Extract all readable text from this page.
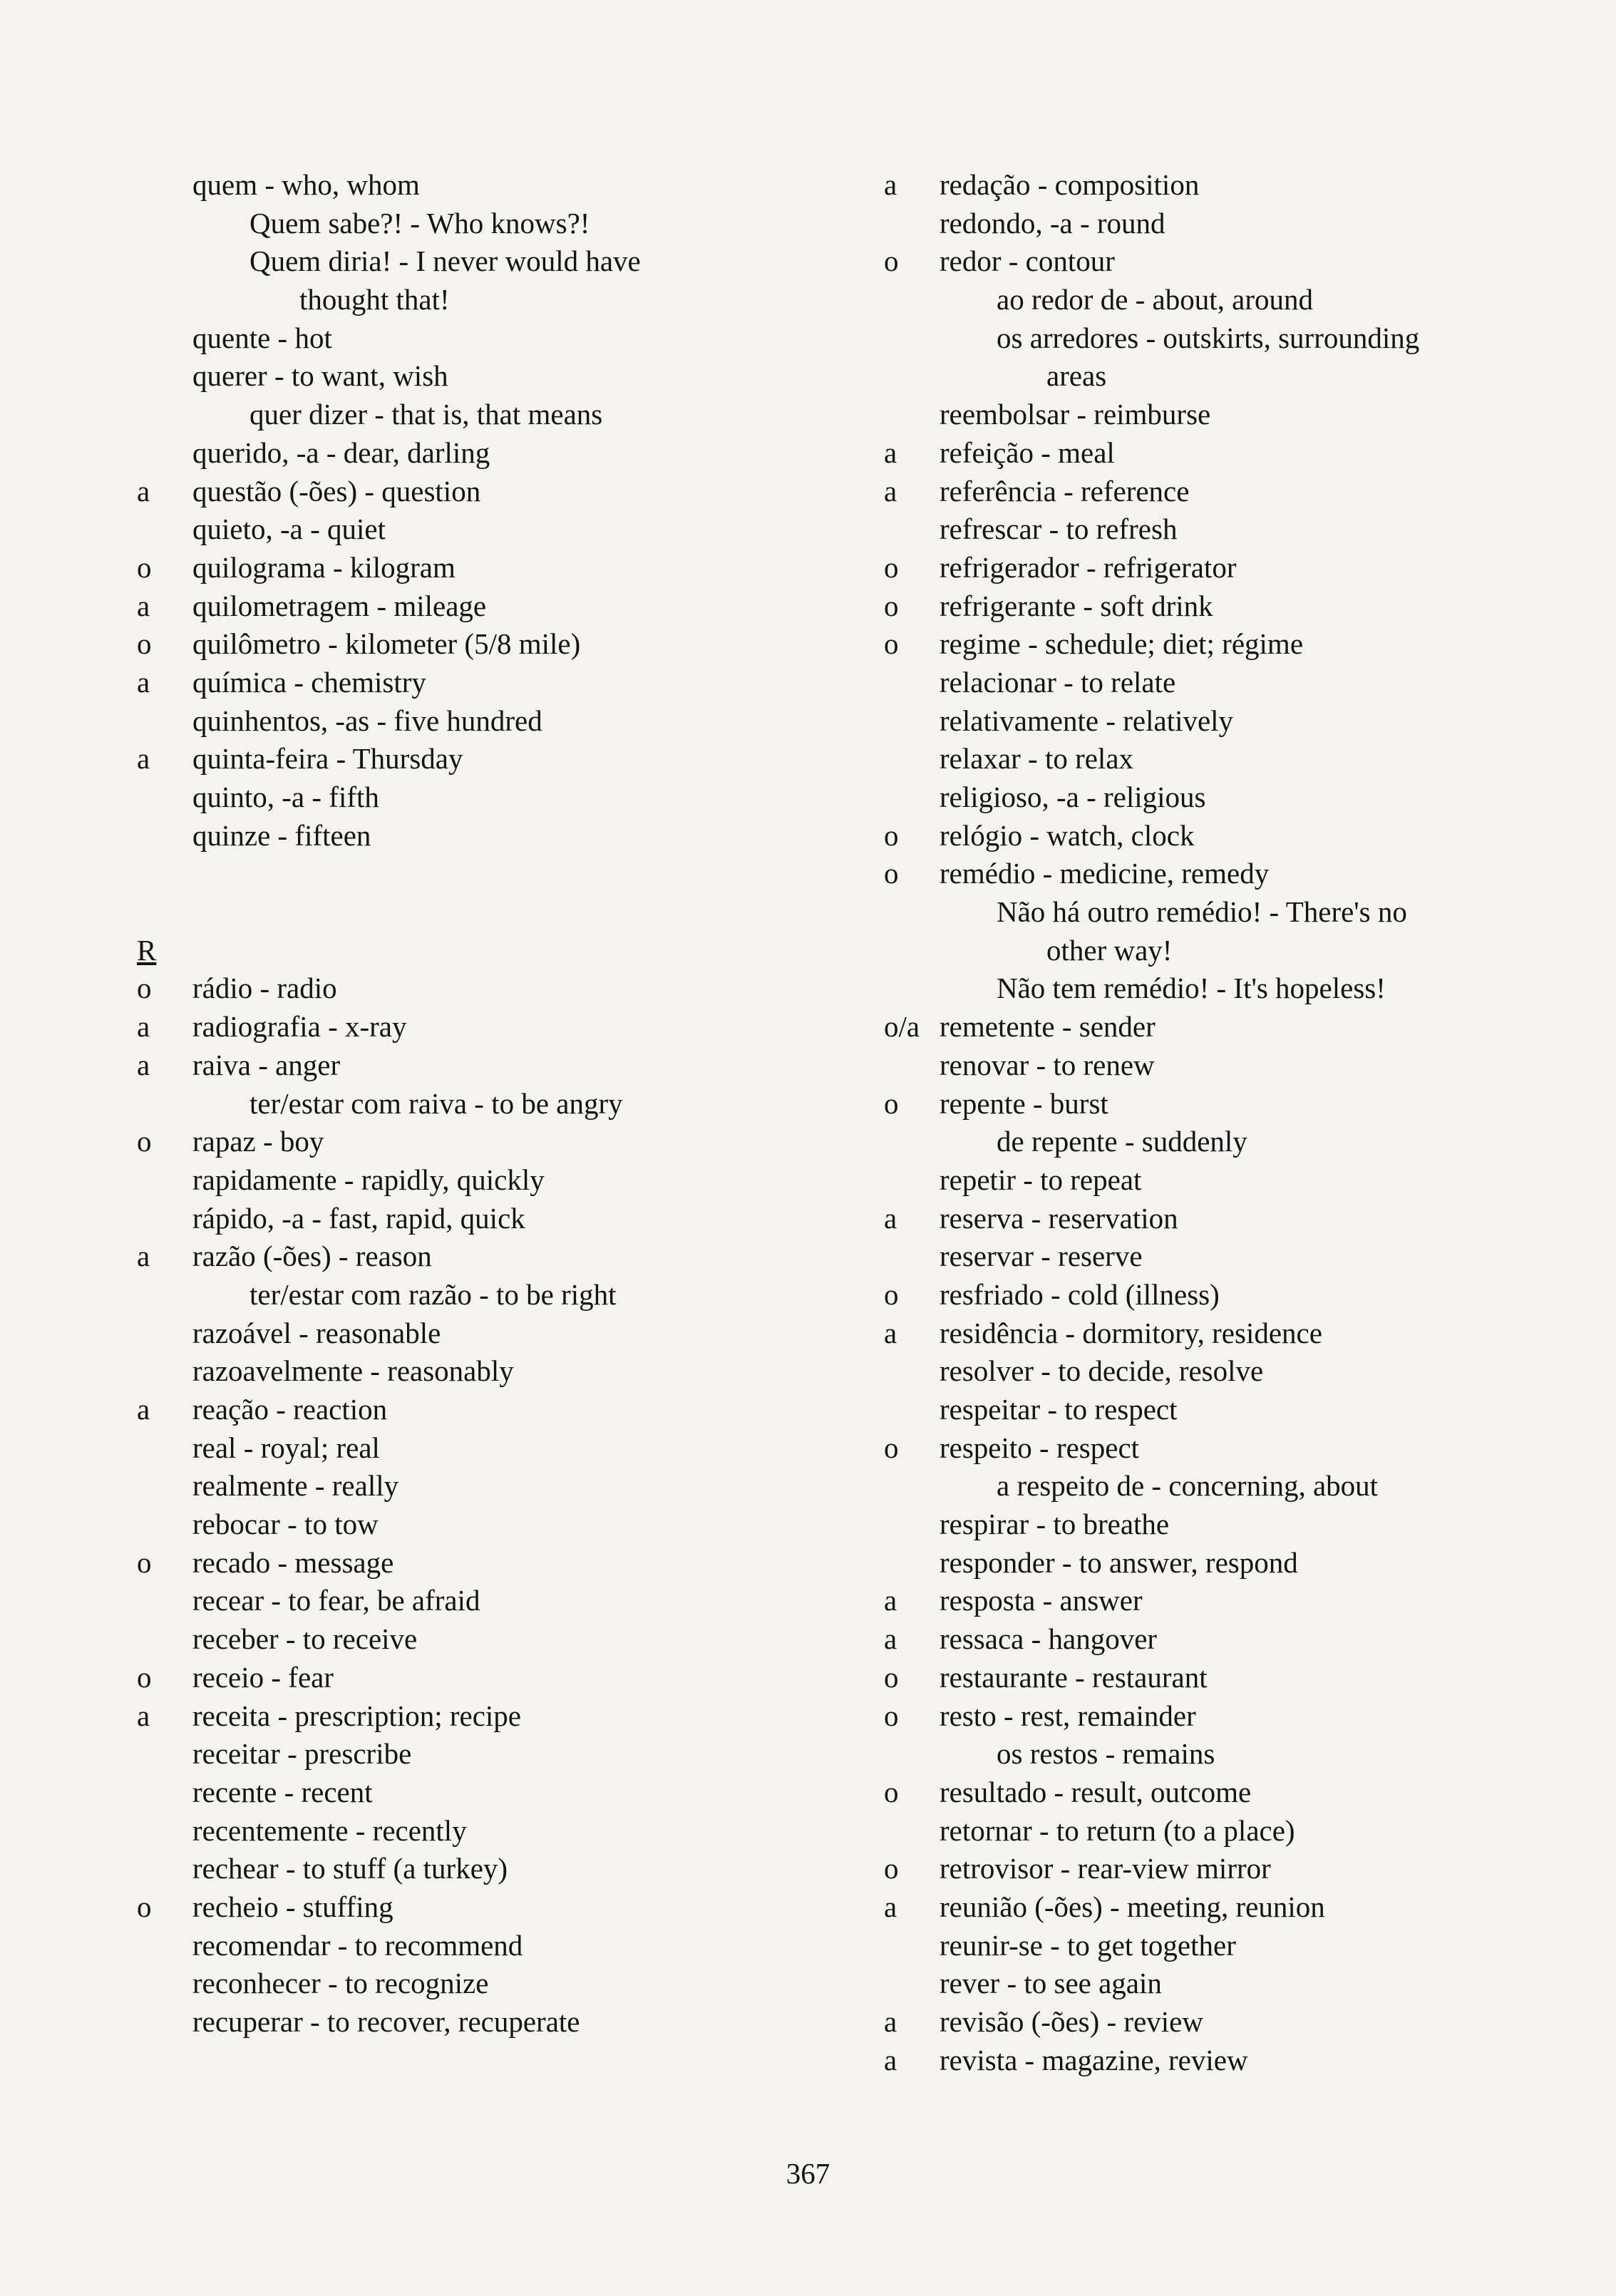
quem - who, whom
Quem sabe?! - Who knows?!
Quem diria! - I never would have
thought that!
quente - hot
querer - to want, wish
quer dizer - that is, that means
querido, -a - dear, darling
a	questão (-ões) - question
quieto, -a - quiet
o	quilograma - kilogram
a	quilometragem - mileage
o	quilômetro - kilometer (5/8 mile)
a	química - chemistry
quinhentos, -as - five hundred
a	quinta-feira - Thursday
quinto, -a - fifth
quinze - fifteen
R
o	rádio - radio
a	radiografia - x-ray
a	raiva - anger
ter/estar com raiva - to be angry
o	rapaz - boy
rapidamente - rapidly, quickly
rápido, -a - fast, rapid, quick
a	razão (-ões) - reason
ter/estar com razão - to be right
razoável - reasonable
razoavelmente - reasonably
a	reação - reaction
real - royal; real
realmente - really
rebocar - to tow
o	recado - message
recear - to fear, be afraid
receber - to receive
o	receio - fear
a	receita - prescription; recipe
receitar - prescribe
recente - recent
recentemente - recently
rechear - to stuff (a turkey)
o	recheio - stuffing
recomendar - to recommend
reconhecer - to recognize
recuperar - to recover, recuperate
a	redação - composition
redondo, -a - round
o	redor - contour
ao redor de - about, around
os arredores - outskirts, surrounding
areas
reembolsar - reimburse
a	refeição - meal
a	referência - reference
refrescar - to refresh
o	refrigerador - refrigerator
o	refrigerante - soft drink
o	regime - schedule; diet; régime
relacionar - to relate
relativamente - relatively
relaxar - to relax
religioso, -a - religious
o	relógio - watch, clock
o	remédio - medicine, remedy
Não há outro remédio! - There's no
other way!
Não tem remédio! - It's hopeless!
o/a remetente - sender
renovar - to renew
o	repente - burst
de repente - suddenly
repetir - to repeat
a	reserva - reservation
reservar - reserve
o	resfriado - cold (illness)
a	residência - dormitory, residence
resolver - to decide, resolve
respeitar - to respect
o	respeito - respect
a respeito de - concerning, about
respirar - to breathe
responder - to answer, respond
a	resposta - answer
a	ressaca - hangover
o	restaurante - restaurant
o	resto - rest, remainder
os restos - remains
o	resultado - result, outcome
retornar - to return (to a place)
o	retrovisor - rear-view mirror
a	reunião (-ões) - meeting, reunion
reunir-se - to get together
rever - to see again
a	revisão (-ões) - review
a	revista - magazine, review
367
